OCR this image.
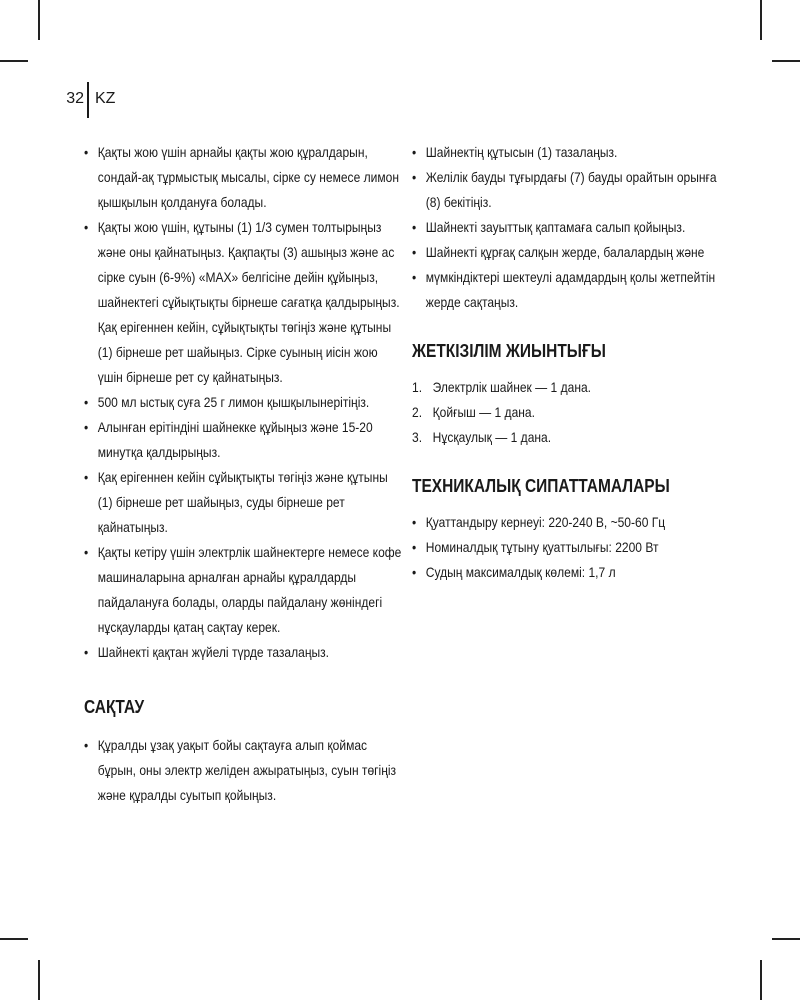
32 KZ
• Қақты жою үшін арнайы қақты жою құралдарын, сондай-ақ тұрмыстық мысалы, сірке су немесе лимон қышқылын қолдануға болады.
• Қақты жою үшін, құтыны (1) 1/3 сумен толтырыңыз және оны қайнатыңыз. Қақпақты (3) ашыңыз және ас сірке суын (6-9%) «MAX» белгісіне дейін құйыңыз, шайнектегі сұйықтықты бірнеше сағатқа қалдырыңыз. Қақ ерігеннен кейін, сұйықтықты төгіңіз және құтыны (1) бірнеше рет шайыңыз. Сірке суының иісін жою үшін бірнеше рет су қайнатыңыз.
• 500 мл ыстық суға 25 г лимон қышқылынерітіңіз.
• Алынған ерітіндіні шайнекке құйыңыз және 15-20 минутқа қалдырыңыз.
• Қақ ерігеннен кейін сұйықтықты төгіңіз және құтыны (1) бірнеше рет шайыңыз, суды бірнеше рет қайнатыңыз.
• Қақты кетіру үшін электрлік шайнектерге немесе кофе машиналарына арналған арнайы құралдарды пайдалануға болады, оларды пайдалану жөніндегі нұсқауларды қатаң сақтау керек.
• Шайнекті қақтан жүйелі түрде тазалаңыз.
САҚТАУ
• Құралды ұзақ уақыт бойы сақтауға алып қоймас бұрын, оны электр желіден ажыратыңыз, суын төгіңіз және құралды суытып қойыңыз.
• Шайнектің құтысын (1) тазалаңыз.
• Желілік бауды тұғырдағы (7) бауды орайтын орынға (8) бекітіңіз.
• Шайнекті зауыттық қаптамаға салып қойыңыз.
• Шайнекті құрғақ салқын жерде, балалардың және
• мүмкіндіктері шектеулі адамдардың қолы жетпейтін жерде сақтаңыз.
ЖЕТКІЗІЛІМ ЖИЫНТЫҒЫ
1. Электрлік шайнек — 1 дана.
2. Қойғыш — 1 дана.
3. Нұсқаулық — 1 дана.
ТЕХНИКАЛЫҚ СИПАТТАМАЛАРЫ
• Қуаттандыру кернеуі: 220-240 В, ~50-60 Гц
• Номиналдық тұтыну қуаттылығы: 2200 Вт
• Судың максималдық көлемі: 1,7 л
